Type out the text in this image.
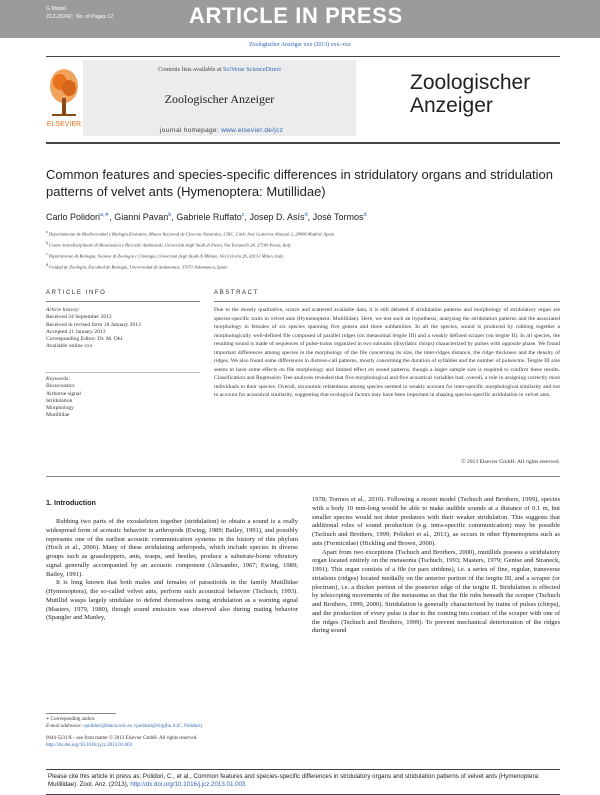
G Model
JCZ-25242; No. of Pages 12	ARTICLE IN PRESS
Zoologischer Anzeiger xxx (2013) xxx–xxx
ELSEVIER
Contents lists available at SciVerse ScienceDirect
Zoologischer Anzeiger
journal homepage: www.elsevier.de/jcz
Zoologischer
Anzeiger
Common features and species-specific differences in stridulatory organs and stridulation patterns of velvet ants (Hymenoptera: Mutillidae)
Carlo Polidori$^{a,∗}$, Gianni Pavan$^b$, Gabriele Ruffato$^c$, Josep D. Asís$^d$, Josè Tormos$^d$
$^a$ Departamento de Biodiversidad y Biología Evolutiva, Museo Nacional de Ciencias Naturales, CSIC, Calle José Gutierrez Abascal 2, 28006 Madrid, Spain
$^b$ Centro Interdisciplinare di Bioacustica e Ricerche Ambientali, Università degli Studi di Pavia, Via Taramelli 24, 27100 Pavia, Italy
$^c$ Dipartimento di Biologia, Sezione di Zoologia e Citologia, Università degli Studi di Milano, Via Celoria 26, 20133 Milan, Italy
$^d$ Unidad de Zoología, Facultad de Biología, Universidad de Salamanca, 37071 Salamanca, Spain
ARTICLE INFO	ABSTRACT
Article history:
Received 24 September 2012
Received in revised form 18 January 2013
Accepted 21 January 2013
Corresponding Editor: Dr. M. Ohl.
Available online xxx
Keywords:
Bioacoustics
Airborne signal
Stridulation
Morphology
Mutillidae
Due to the mostly qualitative, scarce and scattered available data, it is still debated if stridulation patterns and morphology of stridulatory organ are species-specific traits in velvet ants (Hymenoptera: Mutillidae). Here, we test such an hypothesis, analysing the stridulation patterns and the associated morphology in females of six species spanning five genera and three subfamilies. In all the species, sound is produced by rubbing together a morphologically well-defined file composed of parallel ridges (on metasomal tergite III) and a weakly defined scraper (on tergite II). In all species, the resulting sound is made of sequences of pulse-trains organized in two subunits (disyllabic chirps) characterized by pulses with opposite phase. We found important differences among species in the morphology of the file concerning its size, the inter-ridges distance, the ridge thickness and the density of ridges. We also found some differences in distress-call patterns, mostly concerning the duration of syllables and the number of pulses/ms. Tergite III size seems to have some effects on file morphology and limited effect on sound patterns, though a larger sample size is required to confirm these results. Classification and Regression Tree analyses revealed that five morphological and five acoustical variables had, overall, a role in assigning correctly most individuals to their species. Overall, taxonomic relatedness among species seemed to weakly account for inter-specific morphological similarity and not to account for acoustical similarity, suggesting that ecological factors may have been important in shaping species-specific stridulation in velvet ants.
© 2013 Elsevier GmbH. All rights reserved.
1. Introduction

Rubbing two parts of the exoskeleton together (stridulation) to obtain a sound is a really widespread form of acoustic behavior in arthropods (Ewing, 1989; Bailey, 1991), and possibly represents one of the earliest acoustic communication systems in the history of this phylum (Hoch et al., 2006). Many of these stridulating arthropods, which include species in diverse groups such as grasshoppers, ants, wasps, and beetles, produce a substrate-borne vibratory signal generally accompanied by an acoustic component (Alexander, 1967; Ewing, 1989; Bailey, 1991).

It is long known that both males and females of parasitoids in the family Mutillidae (Hymenoptera), the so-called velvet ants, perform such acoustical behavior (Tschuch, 1993). Mutillid wasps largely stridulate to defend themselves using stridulation as a warning signal (Masters, 1979, 1980), though sound emission was observed also during mating behavior (Spangler and Manley,

1978; Tormos et al., 2010). Following a recent model (Tschuch and Brothers, 1999), species with a body 10 mm-long would be able to make audible sounds at a distance of 0.1 m, but smaller species would not deter predators with their weaker stridulation. This suggests that additional roles of sound production (e.g. intra-specific communication) may be possible (Tschuch and Brothers, 1999; Polidori et al., 2013), as occurs in other Hymenoptera such as ants (Formicidae) (Hickling and Brown, 2000).

Apart from two exceptions (Tschuch and Brothers, 2000), mutillids possess a stridulatory organ located entirely on the metasoma (Tschuch, 1993; Masters, 1979; Genise and Straneck, 1991). This organ consists of a file (or pars stridens), i.e. a series of fine, regular, transverse striations (ridges) located medially on the anterior portion of the tergite III, and a scraper (or plectrum), i.e. a thicker portion of the posterior edge of the tergite II. Stridulation is effected by telescoping movements of the metasoma so that the file rubs beneath the scraper (Tschuch and Brothers, 1999, 2000). Stridulation is generally characterized by trains of pulses (chirps), and the production of every pulse is due to the coming into contact of the scraper with one of the ridges (Tschuch and Brothers, 1999). To prevent mechanical deterioration of the ridges during sound

∗ Corresponding author.
E-mail addresses: cpolidori@mncn.csic.es, cpolidori@virgilio.it (C. Polidori).
0044-5231/$ – see front matter © 2013 Elsevier GmbH. All rights reserved.
http://dx.doi.org/10.1016/j.jcz.2013.01.003
Please cite this article in press as: Polidori, C., et al., Common features and species-specific differences in stridulatory organs and stridulation patterns of velvet ants (Hymenoptera: Mutillidae). Zool. Anz. (2013), http://dx.doi.org/10.1016/j.jcz.2013.01.003
